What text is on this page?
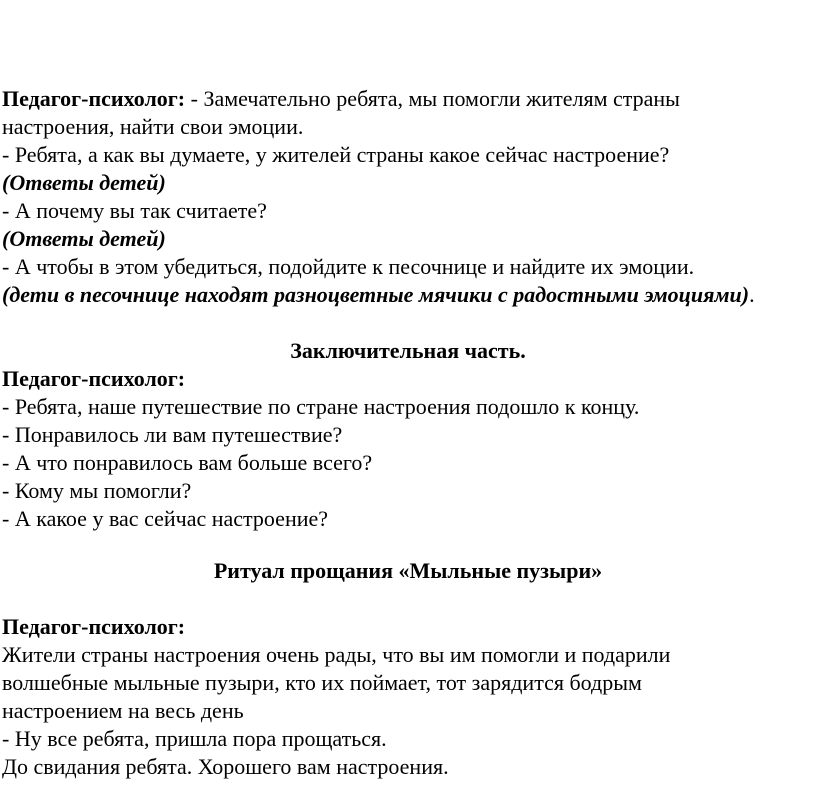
Педагог-психолог: - Замечательно ребята, мы помогли жителям страны
настроения, найти свои эмоции.
- Ребята, а как вы думаете, у жителей страны какое сейчас настроение?
(Ответы детей)
- А почему вы так считаете?
(Ответы детей)
- А чтобы в этом убедиться, подойдите к песочнице и найдите их эмоции.
(дети в песочнице находят разноцветные мячики с радостными эмоциями).
Заключительная часть.
Педагог-психолог:
- Ребята, наше путешествие по стране настроения подошло к концу.
- Понравилось ли вам путешествие?
- А что понравилось вам больше всего?
- Кому мы помогли?
- А какое у вас сейчас настроение?
Ритуал прощания «Мыльные пузыри»
Педагог-психолог:
Жители страны настроения очень рады, что вы им помогли и подарили
волшебные мыльные пузыри, кто их поймает, тот зарядится бодрым
настроением на весь день
- Ну все ребята, пришла пора прощаться.
До свидания ребята. Хорошего вам настроения.
